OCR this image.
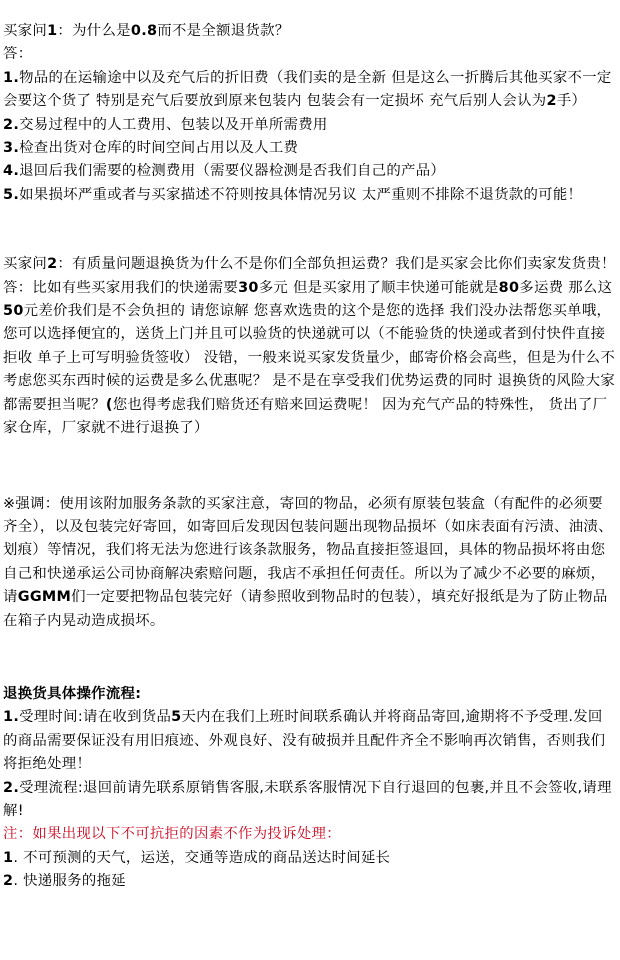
买家问1：为什么是0.8而不是全额退货款？

答：

1.物品的在运输途中以及充气后的折旧费（我们卖的是全新 但是这么一折腾后其他买家不一定会要这个货了 特别是充气后要放到原来包装内 包装会有一定损坏 充气后别人会认为2手）

2.交易过程中的人工费用、包装以及开单所需费用

3.检查出货对仓库的时间空间占用以及人工费

4.退回后我们需要的检测费用（需要仪器检测是否我们自己的产品）

5.如果损坏严重或者与买家描述不符则按具体情况另议 太严重则不排除不退货款的可能！

买家问2：有质量问题退换货为什么不是你们全部负担运费？我们是买家会比你们卖家发货贵！

答：比如有些买家用我们的快递需要30多元 但是买家用了顺丰快递可能就是80多运费 那么这50元差价我们是不会负担的 请您谅解 您喜欢选贵的这个是您的选择 我们没办法帮您买单哦，您可以选择便宜的，送货上门并且可以验货的快递就可以（不能验货的快递或者到付快件直接拒收 单子上可写明验货签收） 没错，一般来说买家发货量少，邮寄价格会高些，但是为什么不考虑您买东西时候的运费是多么优惠呢？ 是不是在享受我们优势运费的同时 退换货的风险大家都需要担当呢？(您也得考虑我们赔货还有赔来回运费呢！ 因为充气产品的特殊性， 货出了厂家仓库，厂家就不进行退换了）

※强调：使用该附加服务条款的买家注意，寄回的物品，必须有原装包装盒（有配件的必须要齐全），以及包装完好寄回，如寄回后发现因包装问题出现物品损坏（如床表面有污渍、油渍、划痕）等情况，我们将无法为您进行该条款服务，物品直接拒签退回，具体的物品损坏将由您自己和快递承运公司协商解决索赔问题，我店不承担任何责任。所以为了减少不必要的麻烦，请GGMM们一定要把物品包装完好（请参照收到物品时的包装），填充好报纸是为了防止物品在箱子内晃动造成损坏。

退换货具体操作流程:

1.受理时间:请在收到货品5天内在我们上班时间联系确认并将商品寄回,逾期将不予受理.发回的商品需要保证没有用旧痕迹、外观良好、没有破损并且配件齐全不影响再次销售，否则我们将拒绝处理！

2.受理流程:退回前请先联系原销售客服,未联系客服情况下自行退回的包裹,并且不会签收,请理解!

注：如果出现以下不可抗拒的因素不作为投诉处理：

1. 不可预测的天气，运送，交通等造成的商品送达时间延长

2. 快递服务的拖延
